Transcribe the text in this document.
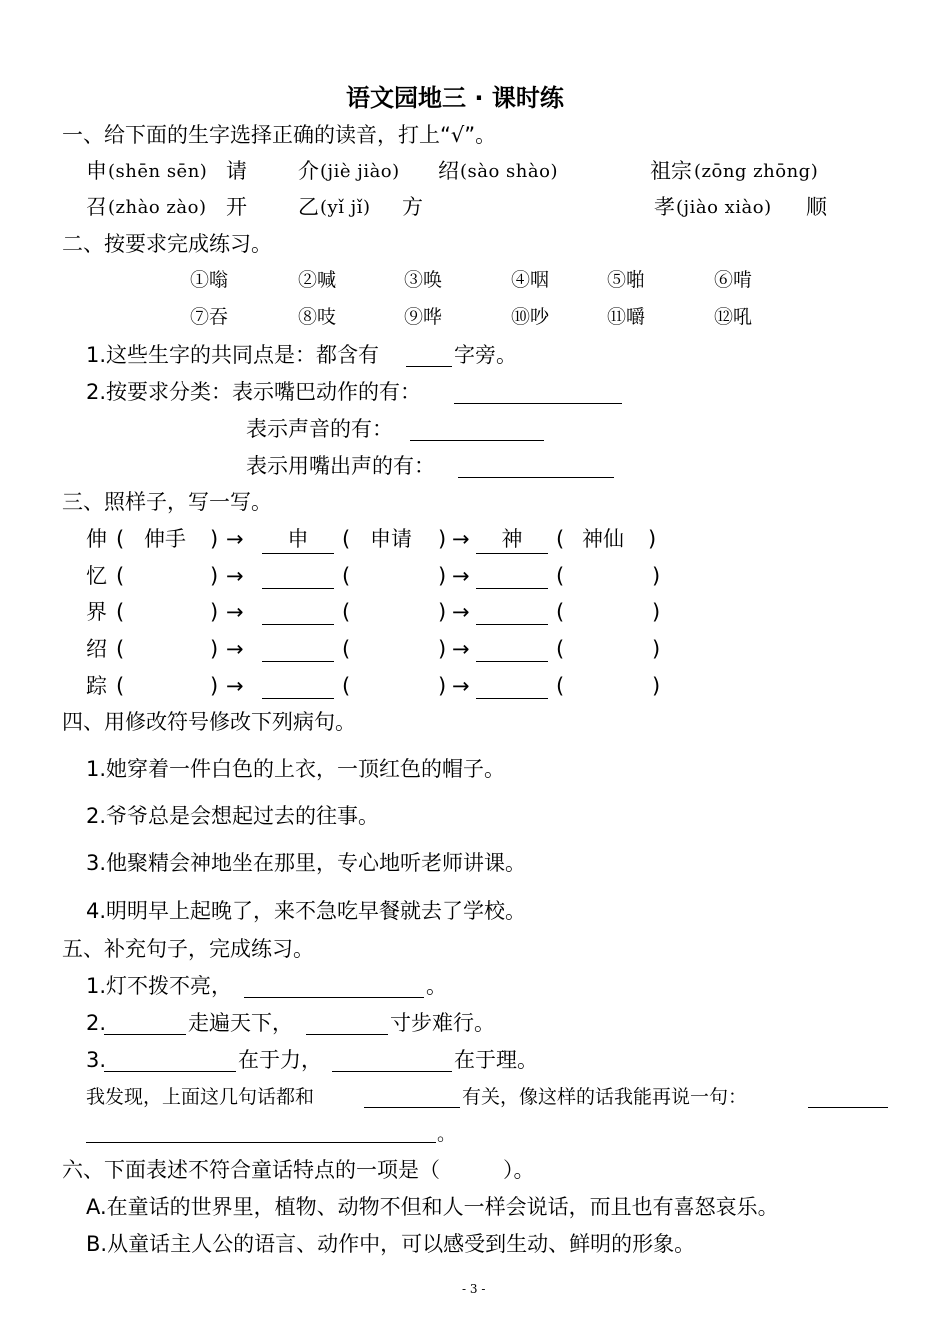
语文园地三 · 课时练
一、给下面的生字选择正确的读音，打上“√”。
申 (shēn sēn) 请 介 (jiè jiào) 绍 (sào shào)	祖宗 (zōng zhōng)
召 (zhào zào) 开 乙 (yǐ jǐ) 方	孝 (jiào xiào) 顺
二、按要求完成练习。
①嗡	②喊	③唤	④咽	⑤啪	⑥啃
⑦吞	⑧吱	⑨哗	⑩吵	⑪嚼	⑫吼
1.这些生字的共同点是：都含有	字旁。
2.按要求分类：表示嘴巴动作的有：
表示声音的有：
表示用嘴出声的有：
三、照样子，写一写。
伸 ( 伸手 ) →	申	( 申请 ) →	神	( 神仙 )
忆 (	) →	(	) →	(	)
界 (	) →	(	) →	(	)
绍 (	) →	(	) →	(	)
踪 (	) →	(	) →	(	)
四、用修改符号修改下列病句。
1.她穿着一件白色的上衣，一顶红色的帽子。
2.爷爷总是会想起过去的往事。
3.他聚精会神地坐在那里，专心地听老师讲课。
4.明明早上起晚了，来不急吃早餐就去了学校。
五、补充句子，完成练习。
1.灯不拨不亮，	。
2.	走遍天下，	寸步难行。
3.	在于力，	在于理。
我发现，上面这几句话都和	有关，像这样的话我能再说一句：
。
六、下面表述不符合童话特点的一项是（　　　）。
A.在童话的世界里，植物、动物不但和人一样会说话，而且也有喜怒哀乐。
B.从童话主人公的语言、动作中，可以感受到生动、鲜明的形象。
- 3 -
